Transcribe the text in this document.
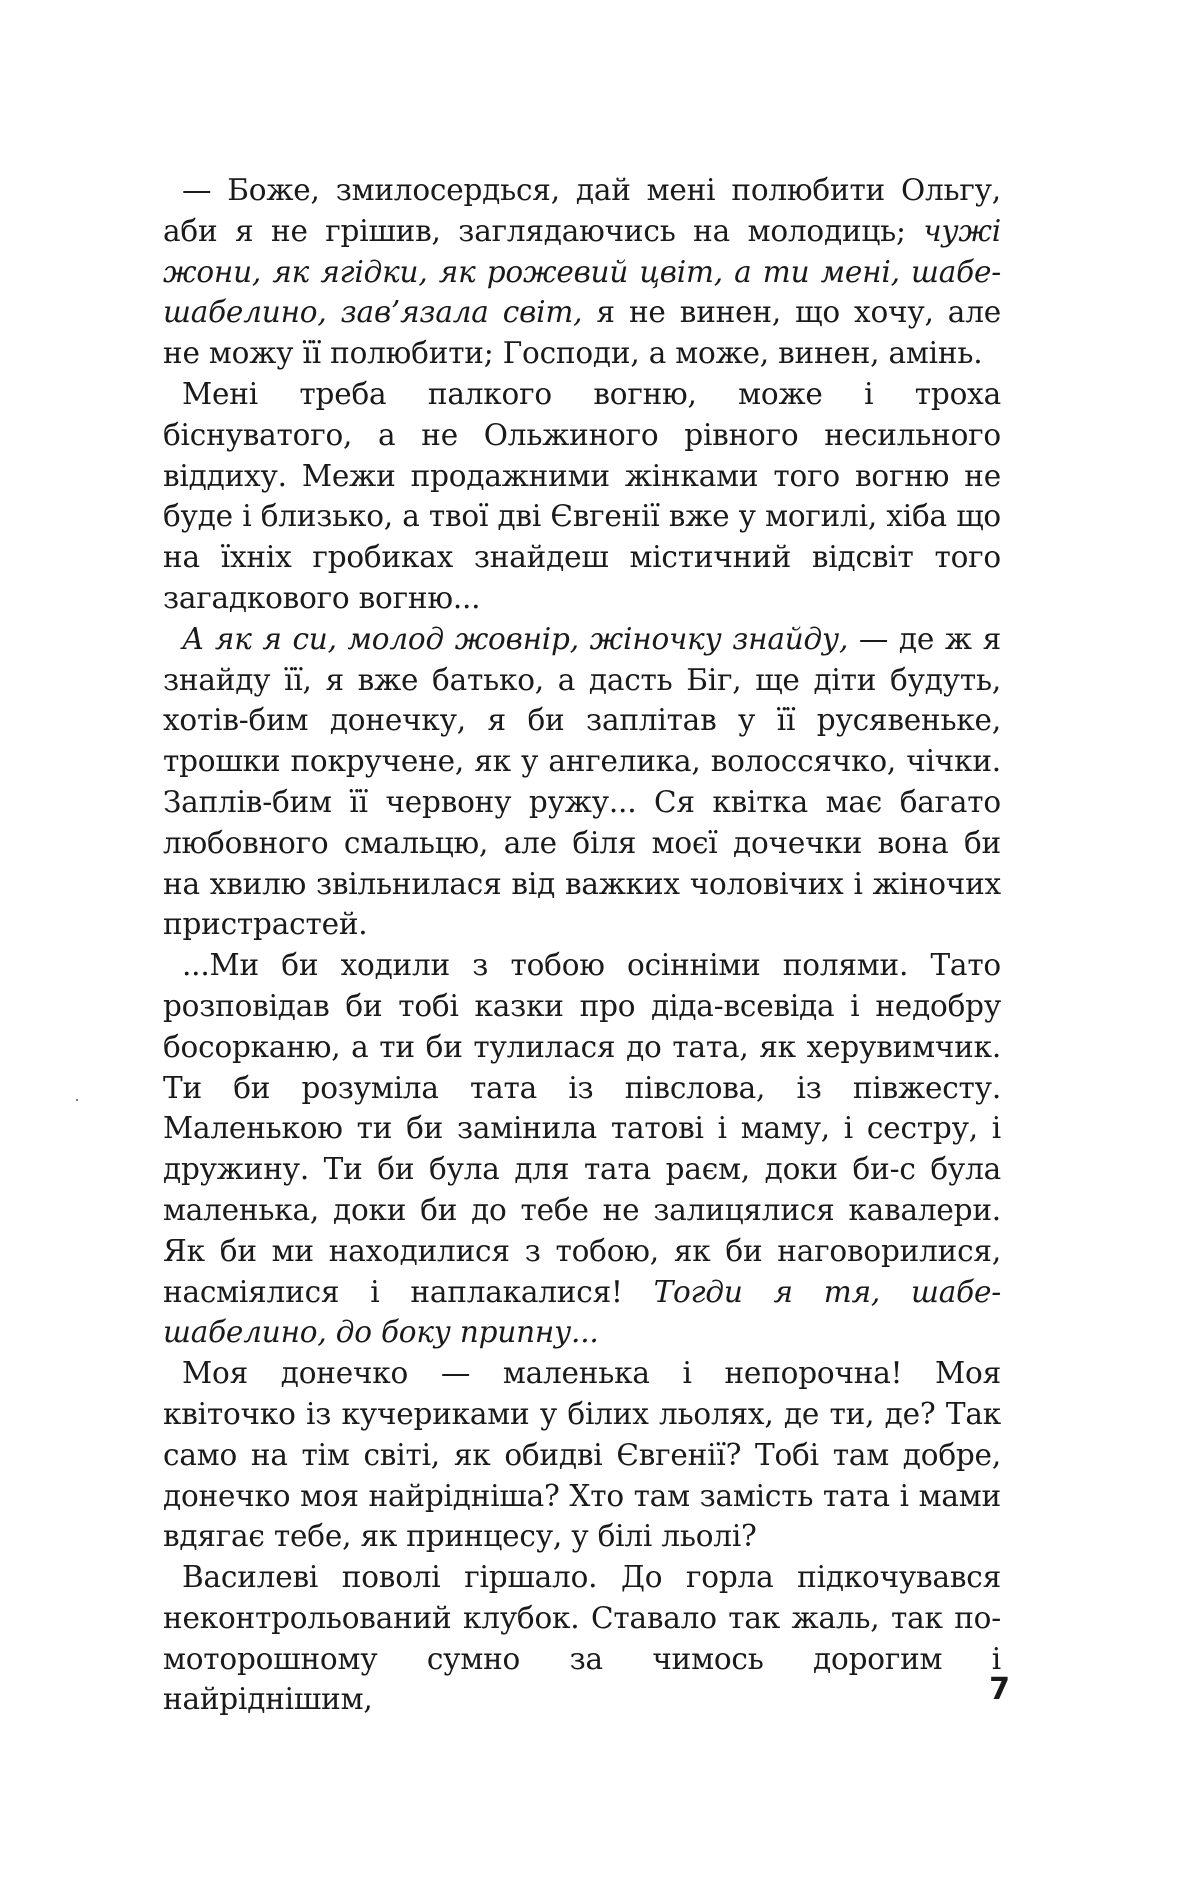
— Боже, змилосердься, дай мені полюбити Ольгу, аби я не грішив, заглядаючись на молодиць; чужі жони, як ягідки, як рожевий цвіт, а ти мені, шабе-шабелино, зав’язала світ, я не винен, що хочу, але не можу її полюбити; Господи, а може, винен, амінь.

Мені треба палкого вогню, може і троха біснуватого, а не Ольжиного рівного несильного віддиху. Межи продажними жінками того вогню не буде і близько, а твої дві Євгенії вже у могилі, хіба що на їхніх гробиках знайдеш містичний відсвіт того загадкового вогню...

А як я си, молод жовнір, жіночку знайду, — де ж я знайду її, я вже батько, а дасть Біг, ще діти будуть, хотів-бим донечку, я би заплітав у її русявеньке, трошки покручене, як у ангелика, волоссячко, чічки. Заплів-бим її червону ружу... Ся квітка має багато любовного смальцю, але біля моєї дочечки вона би на хвилю звільнилася від важких чоловічих і жіночих пристрастей.

...Ми би ходили з тобою осінніми полями. Тато розповідав би тобі казки про діда-всевіда і недобру босорканю, а ти би тулилася до тата, як херувимчик. Ти би розуміла тата із півслова, із півжесту. Маленькою ти би замінила татові і маму, і сестру, і дружину. Ти би була для тата раєм, доки би-с була маленька, доки би до тебе не залицялися кавалери. Як би ми находилися з тобою, як би наговорилися, насміялися і наплакалися! Тогди я тя, шабе-шабелино, до боку припну...

Моя донечко — маленька і непорочна! Моя квіточко із кучериками у білих льолях, де ти, де? Так само на тім світі, як обидві Євгенії? Тобі там добре, донечко моя найрідніша? Хто там замість тата і мами вдягає тебе, як принцесу, у білі льолі?

Василеві поволі гіршало. До горла підкочувався неконтрольований клубок. Ставало так жаль, так по-моторошному сумно за чимось дорогим і найріднішим,	7
